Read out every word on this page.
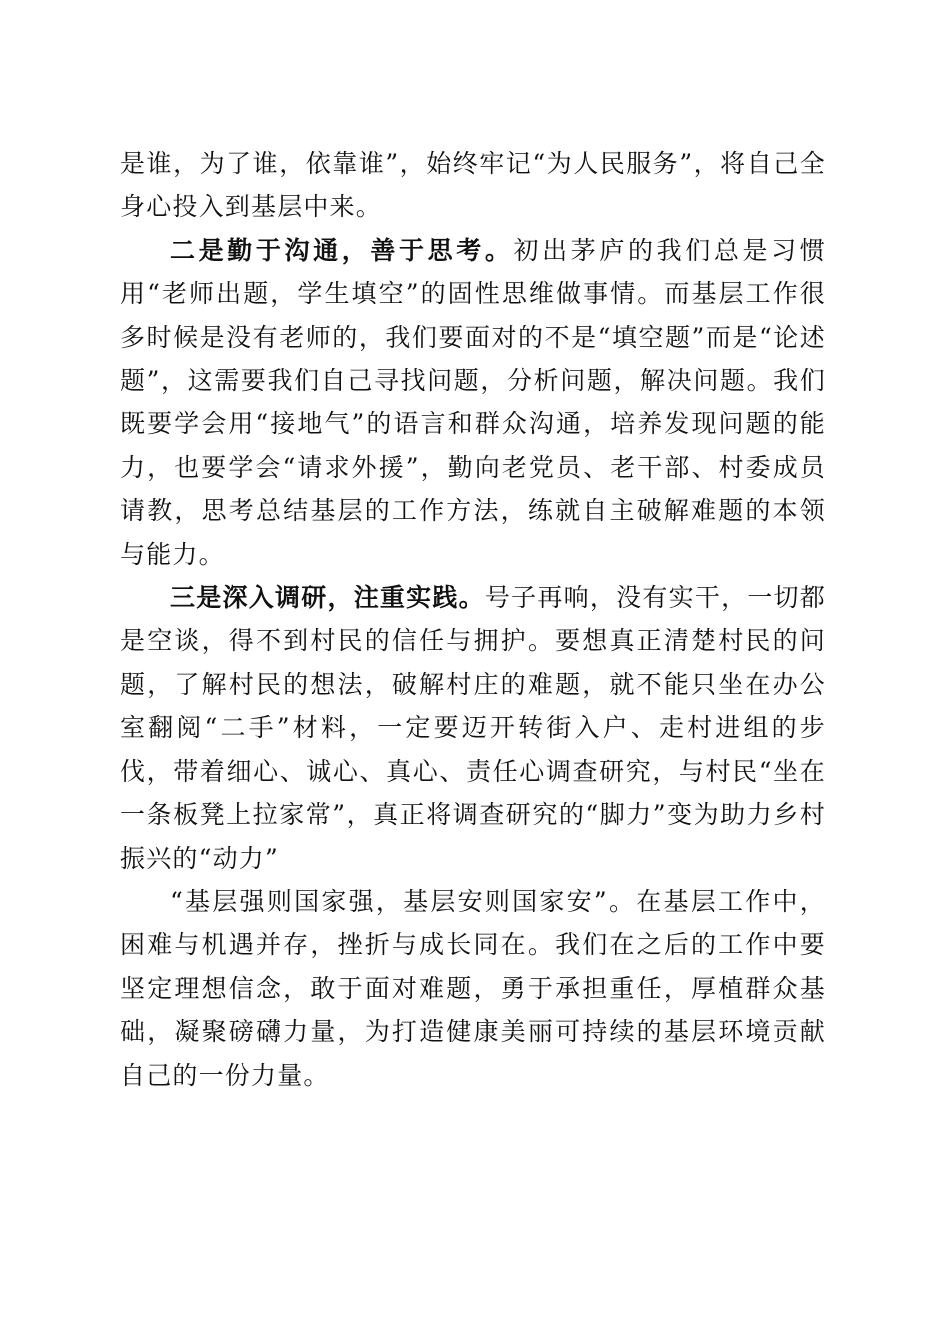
是谁，为了谁，依靠谁”，始终牢记“为人民服务”，将自己全身心投入到基层中来。

二是勤于沟通，善于思考。初出茅庐的我们总是习惯用“老师出题，学生填空”的固性思维做事情。而基层工作很多时候是没有老师的，我们要面对的不是“填空题”而是“论述题”，这需要我们自己寻找问题，分析问题，解决问题。我们既要学会用“接地气”的语言和群众沟通，培养发现问题的能力，也要学会“请求外援”，勤向老党员、老干部、村委成员请教，思考总结基层的工作方法，练就自主破解难题的本领与能力。

三是深入调研，注重实践。号子再响，没有实干，一切都是空谈，得不到村民的信任与拥护。要想真正清楚村民的问题，了解村民的想法，破解村庄的难题，就不能只坐在办公室翻阅“二手”材料，一定要迈开转街入户、走村进组的步伐，带着细心、诚心、真心、责任心调查研究，与村民“坐在一条板凳上拉家常”，真正将调查研究的“脚力”变为助力乡村振兴的“动力”

“基层强则国家强，基层安则国家安”。在基层工作中，困难与机遇并存，挫折与成长同在。我们在之后的工作中要坚定理想信念，敢于面对难题，勇于承担重任，厚植群众基础，凝聚磅礴力量，为打造健康美丽可持续的基层环境贡献自己的一份力量。
